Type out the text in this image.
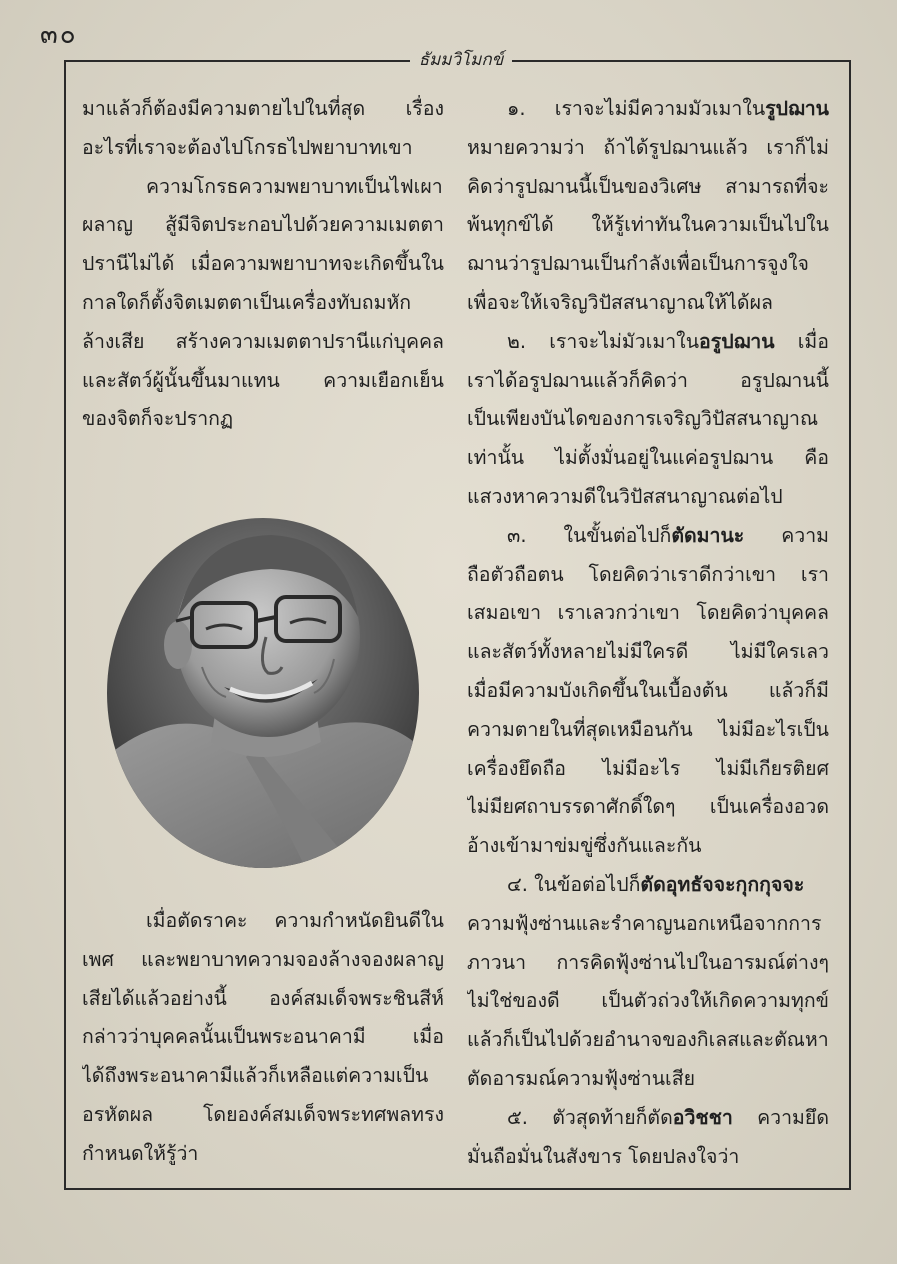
๓๐
ธัมมวิโมกข์
มาแล้วก็ต้องมีความตายไปในที่สุด เรื่อง
อะไรที่เราจะต้องไปโกรธไปพยาบาทเขา
ความโกรธความพยาบาทเป็นไฟเผา
ผลาญ สู้มีจิตประกอบไปด้วยความเมตตา
ปรานีไม่ได้ เมื่อความพยาบาทจะเกิดขึ้นใน
กาลใดก็ตั้งจิตเมตตาเป็นเครื่องทับถมหัก
ล้างเสีย สร้างความเมตตาปรานีแก่บุคคล
และสัตว์ผู้นั้นขึ้นมาแทน ความเยือกเย็น
ของจิตก็จะปรากฏ
เมื่อตัดราคะ ความกำหนัดยินดีใน
เพศ และพยาบาทความจองล้างจองผลาญ
เสียได้แล้วอย่างนี้ องค์สมเด็จพระชินสีห์
กล่าวว่าบุคคลนั้นเป็นพระอนาคามี เมื่อ
ได้ถึงพระอนาคามีแล้วก็เหลือแต่ความเป็น
อรหัตผล โดยองค์สมเด็จพระทศพลทรง
กำหนดให้รู้ว่า
๑. เราจะไม่มีความมัวเมาในรูปฌาน
หมายความว่า ถ้าได้รูปฌานแล้ว เราก็ไม่
คิดว่ารูปฌานนี้เป็นของวิเศษ สามารถที่จะ
พ้นทุกข์ได้ ให้รู้เท่าทันในความเป็นไปใน
ฌานว่ารูปฌานเป็นกำลังเพื่อเป็นการจูงใจ
เพื่อจะให้เจริญวิปัสสนาญาณให้ได้ผล
๒. เราจะไม่มัวเมาในอรูปฌาน เมื่อ
เราได้อรูปฌานแล้วก็คิดว่า อรูปฌานนี้
เป็นเพียงบันไดของการเจริญวิปัสสนาญาณ
เท่านั้น ไม่ตั้งมั่นอยู่ในแค่อรูปฌาน คือ
แสวงหาความดีในวิปัสสนาญาณต่อไป
๓. ในขั้นต่อไปก็ตัดมานะ ความ
ถือตัวถือตน โดยคิดว่าเราดีกว่าเขา เรา
เสมอเขา เราเลวกว่าเขา โดยคิดว่าบุคคล
และสัตว์ทั้งหลายไม่มีใครดี ไม่มีใครเลว
เมื่อมีความบังเกิดขึ้นในเบื้องต้น แล้วก็มี
ความตายในที่สุดเหมือนกัน ไม่มีอะไรเป็น
เครื่องยึดถือ ไม่มีอะไร ไม่มีเกียรติยศ
ไม่มียศถาบรรดาศักดิ์ใดๆ เป็นเครื่องอวด
อ้างเข้ามาข่มขู่ซึ่งกันและกัน
๔. ในข้อต่อไปก็ตัดอุทธัจจะกุกกุจจะ
ความฟุ้งซ่านและรำคาญนอกเหนือจากการ
ภาวนา การคิดฟุ้งซ่านไปในอารมณ์ต่างๆ
ไม่ใช่ของดี เป็นตัวถ่วงให้เกิดความทุกข์
แล้วก็เป็นไปด้วยอำนาจของกิเลสและตัณหา
ตัดอารมณ์ความฟุ้งซ่านเสีย
๕. ตัวสุดท้ายก็ตัดอวิชชา ความยึด
มั่นถือมั่นในสังขาร โดยปลงใจว่า
